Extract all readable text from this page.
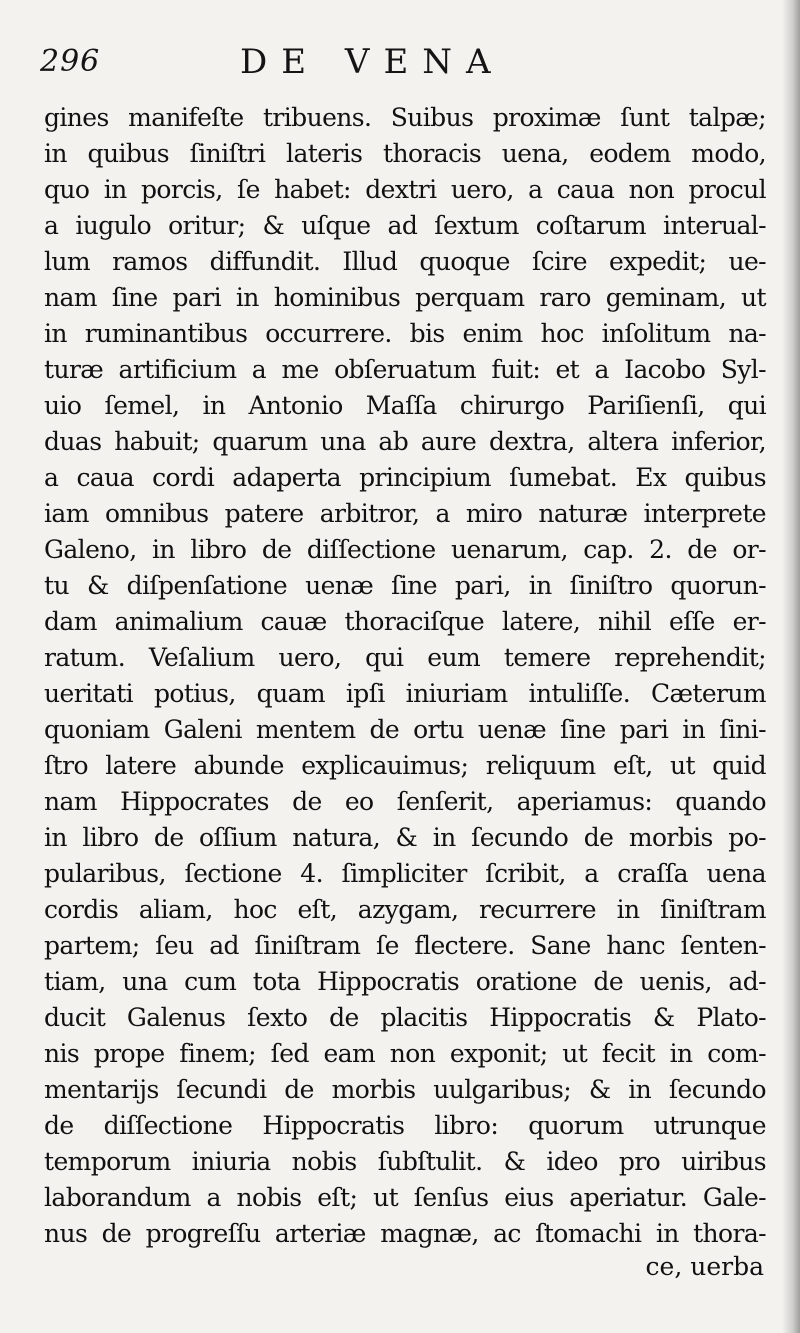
296	DE VENA
gines manifeſte tribuens. Suibus proximæ ſunt talpæ;
in quibus ſiniſtri lateris thoracis uena, eodem modo,
quo in porcis, ſe habet: dextri uero, a caua non procul
a iugulo oritur; & uſque ad ſextum coſtarum interual-
lum ramos diffundit. Illud quoque ſcire expedit; ue-
nam ſine pari in hominibus perquam raro geminam, ut
in ruminantibus occurrere. bis enim hoc inſolitum na-
turæ artificium a me obſeruatum fuit: et a Iacobo Syl-
uio ſemel, in Antonio Maſſa chirurgo Pariſienſi, qui
duas habuit; quarum una ab aure dextra, altera inferior,
a caua cordi adaperta principium ſumebat. Ex quibus
iam omnibus patere arbitror, a miro naturæ interprete
Galeno, in libro de diſſectione uenarum, cap. 2. de or-
tu & diſpenſatione uenæ ſine pari, in ſiniſtro quorun-
dam animalium cauæ thoraciſque latere, nihil eſſe er-
ratum. Veſalium uero, qui eum temere reprehendit;
ueritati potius, quam ipſi iniuriam intuliſſe. Cæterum
quoniam Galeni mentem de ortu uenæ ſine pari in ſini-
ſtro latere abunde explicauimus; reliquum eſt, ut quid
nam Hippocrates de eo ſenſerit, aperiamus: quando
in libro de oſſium natura, & in ſecundo de morbis po-
pularibus, ſectione 4. ſimpliciter ſcribit, a craſſa uena
cordis aliam, hoc eſt, azygam, recurrere in ſiniſtram
partem; ſeu ad ſiniſtram ſe flectere. Sane hanc ſenten-
tiam, una cum tota Hippocratis oratione de uenis, ad-
ducit Galenus ſexto de placitis Hippocratis & Plato-
nis prope finem; ſed eam non exponit; ut fecit in com-
mentarijs ſecundi de morbis uulgaribus; & in ſecundo
de diſſectione Hippocratis libro: quorum utrunque
temporum iniuria nobis ſubſtulit. & ideo pro uiribus
laborandum a nobis eſt; ut ſenſus eius aperiatur. Gale-
nus de progreſſu arteriæ magnæ, ac ſtomachi in thora-
ce, uerba
